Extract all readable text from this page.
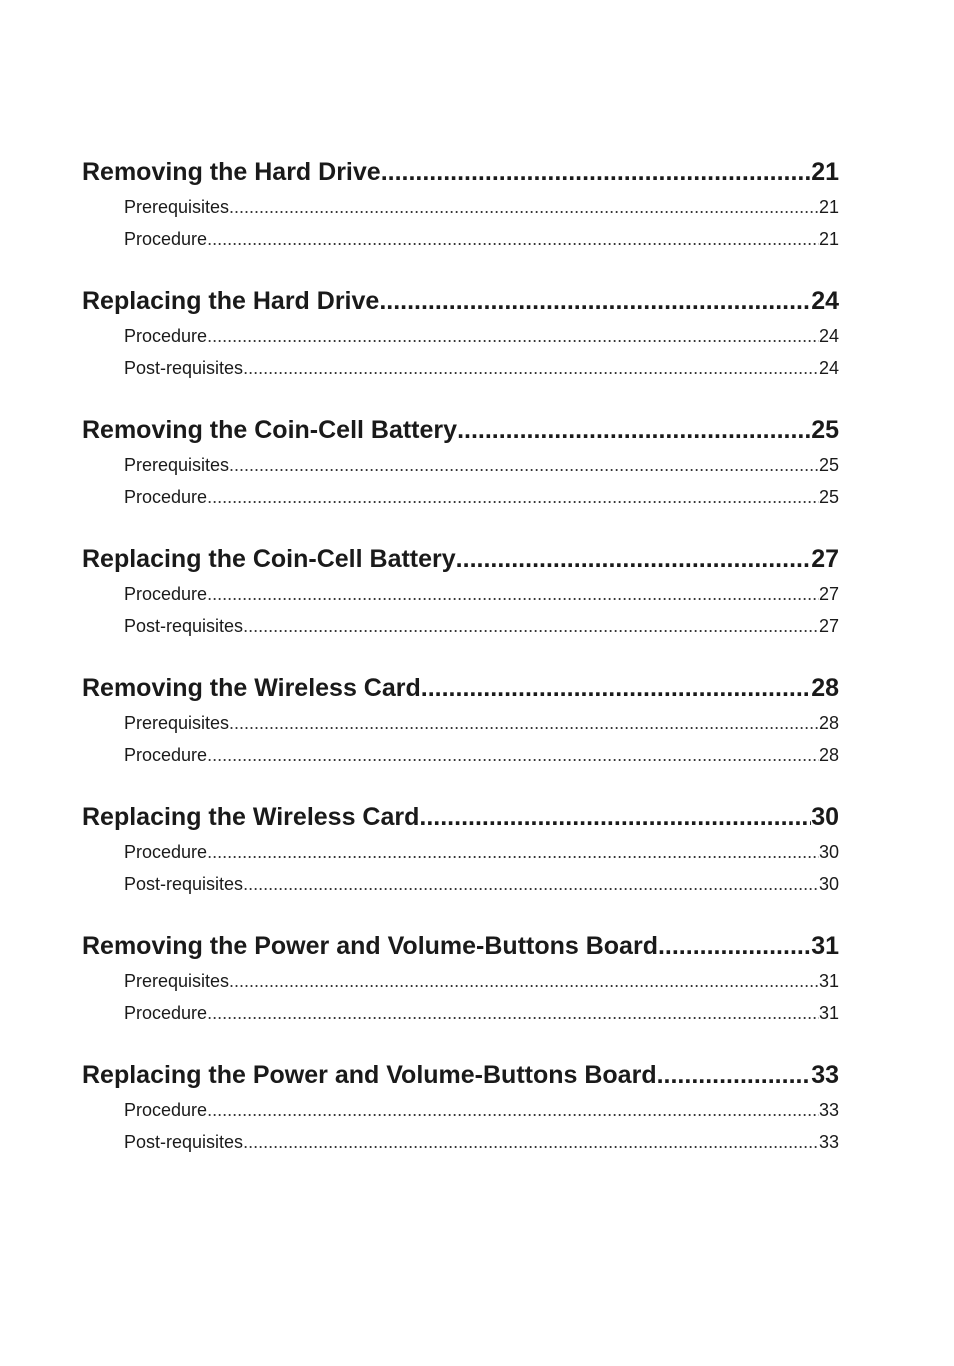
Removing the Hard Drive .....	21
Prerequisites .....	21
Procedure .....	21
Replacing the Hard Drive .....	24
Procedure .....	24
Post-requisites .....	24
Removing the Coin-Cell Battery .....	25
Prerequisites .....	25
Procedure .....	25
Replacing the Coin-Cell Battery .....	27
Procedure .....	27
Post-requisites .....	27
Removing the Wireless Card .....	28
Prerequisites .....	28
Procedure .....	28
Replacing the Wireless Card .....	30
Procedure .....	30
Post-requisites .....	30
Removing the Power and Volume-Buttons Board .....	31
Prerequisites .....	31
Procedure .....	31
Replacing the Power and Volume-Buttons Board .....	33
Procedure .....	33
Post-requisites .....	33
